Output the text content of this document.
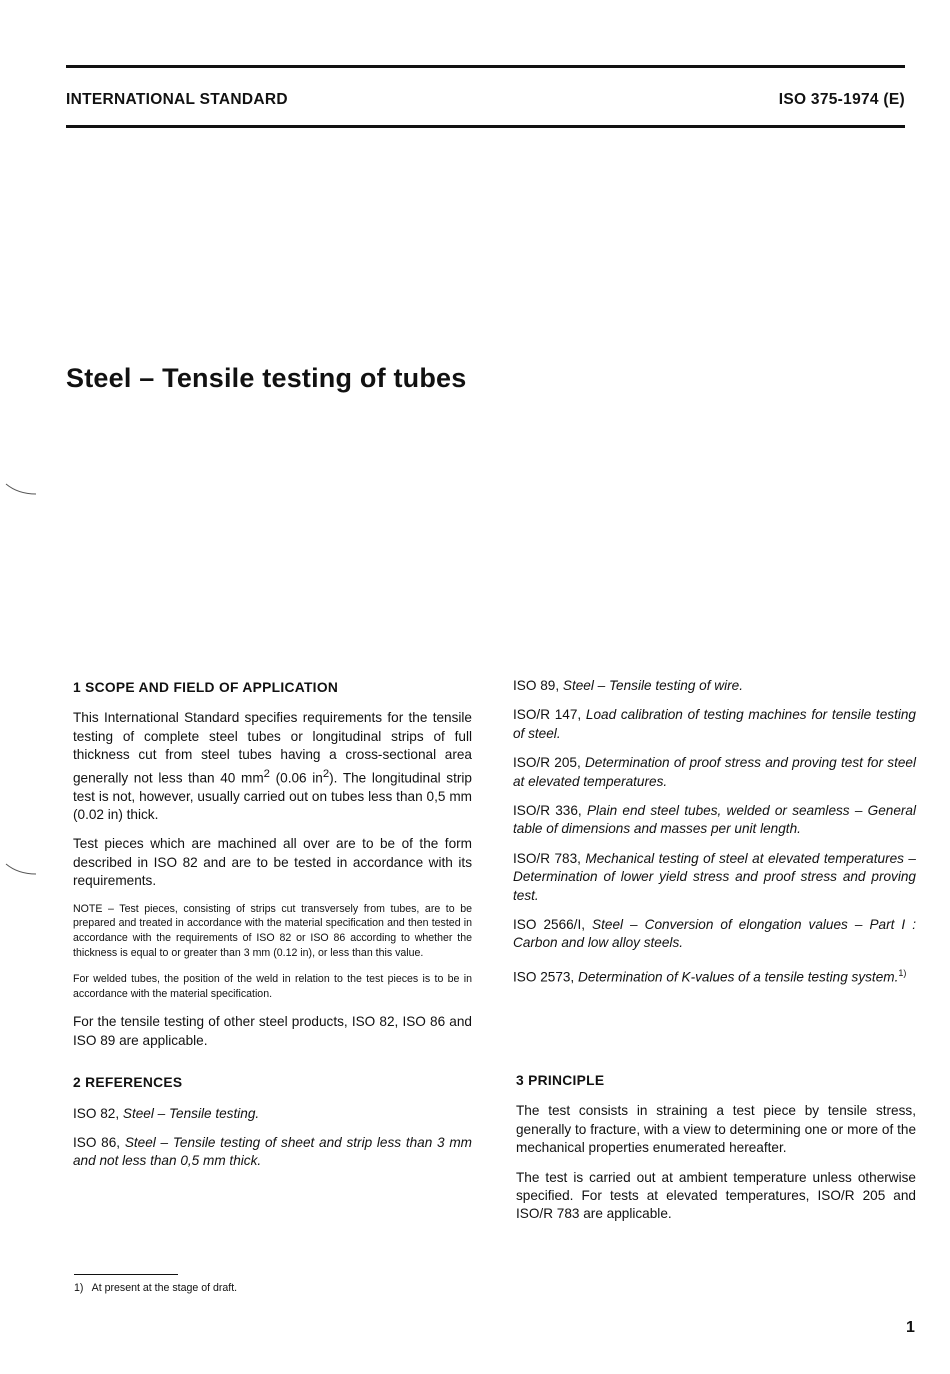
INTERNATIONAL STANDARD	ISO 375-1974 (E)
Steel – Tensile testing of tubes
1 SCOPE AND FIELD OF APPLICATION

This International Standard specifies requirements for the tensile testing of complete steel tubes or longitudinal strips of full thickness cut from steel tubes having a cross-sectional area generally not less than 40 $mm^2$ (0.06 $in^2$). The longitudinal strip test is not, however, usually carried out on tubes less than 0,5 mm (0.02 in) thick.

Test pieces which are machined all over are to be of the form described in ISO 82 and are to be tested in accordance with its requirements.

NOTE – Test pieces, consisting of strips cut transversely from tubes, are to be prepared and treated in accordance with the material specification and then tested in accordance with the requirements of ISO 82 or ISO 86 according to whether the thickness is equal to or greater than 3 mm (0.12 in), or less than this value.

For welded tubes, the position of the weld in relation to the test pieces is to be in accordance with the material specification.

For the tensile testing of other steel products, ISO 82, ISO 86 and ISO 89 are applicable.

2 REFERENCES

ISO 82, Steel – Tensile testing.

ISO 86, Steel – Tensile testing of sheet and strip less than 3 mm and not less than 0,5 mm thick.

ISO 89, Steel – Tensile testing of wire.

ISO/R 147, Load calibration of testing machines for tensile testing of steel.

ISO/R 205, Determination of proof stress and proving test for steel at elevated temperatures.

ISO/R 336, Plain end steel tubes, welded or seamless – General table of dimensions and masses per unit length.

ISO/R 783, Mechanical testing of steel at elevated temperatures – Determination of lower yield stress and proof stress and proving test.

ISO 2566/I, Steel – Conversion of elongation values – Part I : Carbon and low alloy steels.

ISO 2573, Determination of K-values of a tensile testing system.$^{1)}$

3 PRINCIPLE

The test consists in straining a test piece by tensile stress, generally to fracture, with a view to determining one or more of the mechanical properties enumerated hereafter.

The test is carried out at ambient temperature unless otherwise specified. For tests at elevated temperatures, ISO/R 205 and ISO/R 783 are applicable.

1)   At present at the stage of draft.
1
